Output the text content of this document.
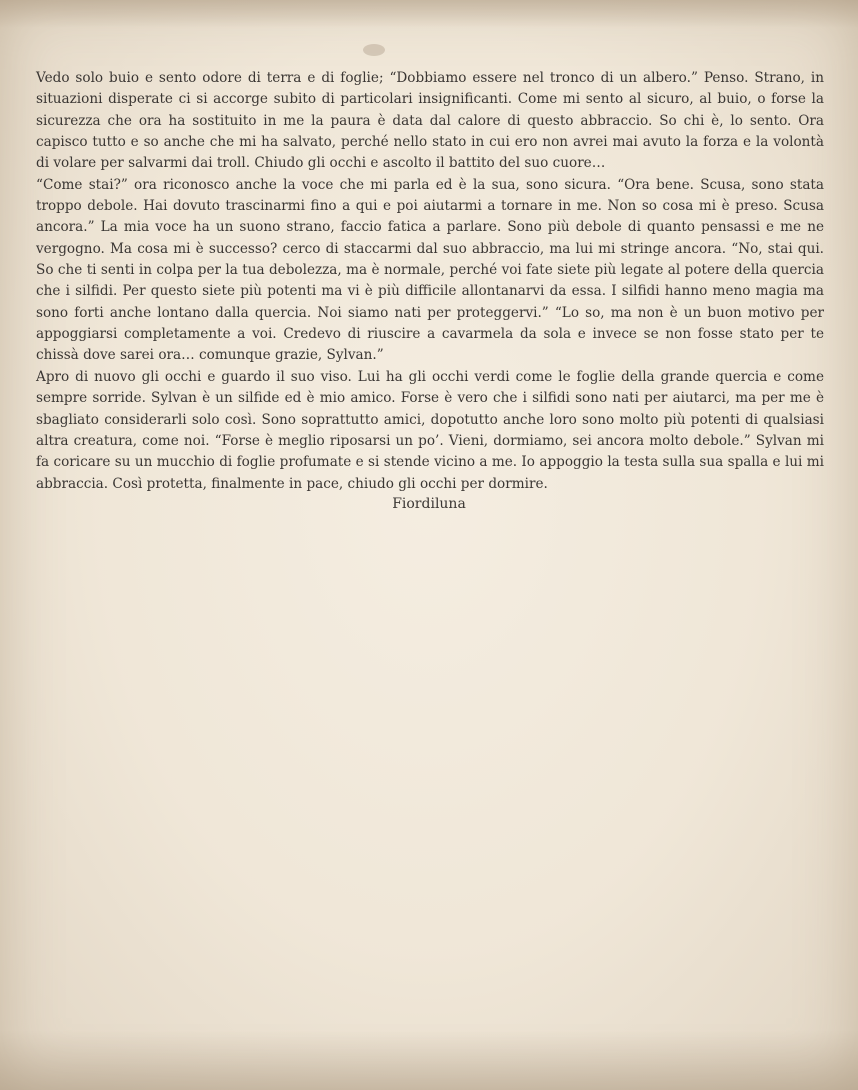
Vedo solo buio e sento odore di terra e di foglie; “Dobbiamo essere nel tronco di un albero.” Penso. Strano, in situazioni disperate ci si accorge subito di particolari insignificanti. Come mi sento al sicuro, al buio, o forse la sicurezza che ora ha sostituito in me la paura è data dal calore di questo abbraccio. So chi è, lo sento. Ora capisco tutto e so anche che mi ha salvato, perché nello stato in cui ero non avrei mai avuto la forza e la volontà di volare per salvarmi dai troll. Chiudo gli occhi e ascolto il battito del suo cuore…

“Come stai?” ora riconosco anche la voce che mi parla ed è la sua, sono sicura. “Ora bene. Scusa, sono stata troppo debole. Hai dovuto trascinarmi fino a qui e poi aiutarmi a tornare in me. Non so cosa mi è preso. Scusa ancora.” La mia voce ha un suono strano, faccio fatica a parlare. Sono più debole di quanto pensassi e me ne vergogno. Ma cosa mi è successo? cerco di staccarmi dal suo abbraccio, ma lui mi stringe ancora. “No, stai qui. So che ti senti in colpa per la tua debolezza, ma è normale, perché voi fate siete più legate al potere della quercia che i silfidi. Per questo siete più potenti ma vi è più difficile allontanarvi da essa. I silfidi hanno meno magia ma sono forti anche lontano dalla quercia. Noi siamo nati per proteggervi.” “Lo so, ma non è un buon motivo per appoggiarsi completamente a voi. Credevo di riuscire a cavarmela da sola e invece se non fosse stato per te chissà dove sarei ora… comunque grazie, Sylvan.”

Apro di nuovo gli occhi e guardo il suo viso. Lui ha gli occhi verdi come le foglie della grande quercia e come sempre sorride. Sylvan è un silfide ed è mio amico. Forse è vero che i silfidi sono nati per aiutarci, ma per me è sbagliato considerarli solo così. Sono soprattutto amici, dopotutto anche loro sono molto più potenti di qualsiasi altra creatura, come noi. “Forse è meglio riposarsi un po’. Vieni, dormiamo, sei ancora molto debole.” Sylvan mi fa coricare su un mucchio di foglie profumate e si stende vicino a me. Io appoggio la testa sulla sua spalla e lui mi abbraccia. Così protetta, finalmente in pace, chiudo gli occhi per dormire.

Fiordiluna
